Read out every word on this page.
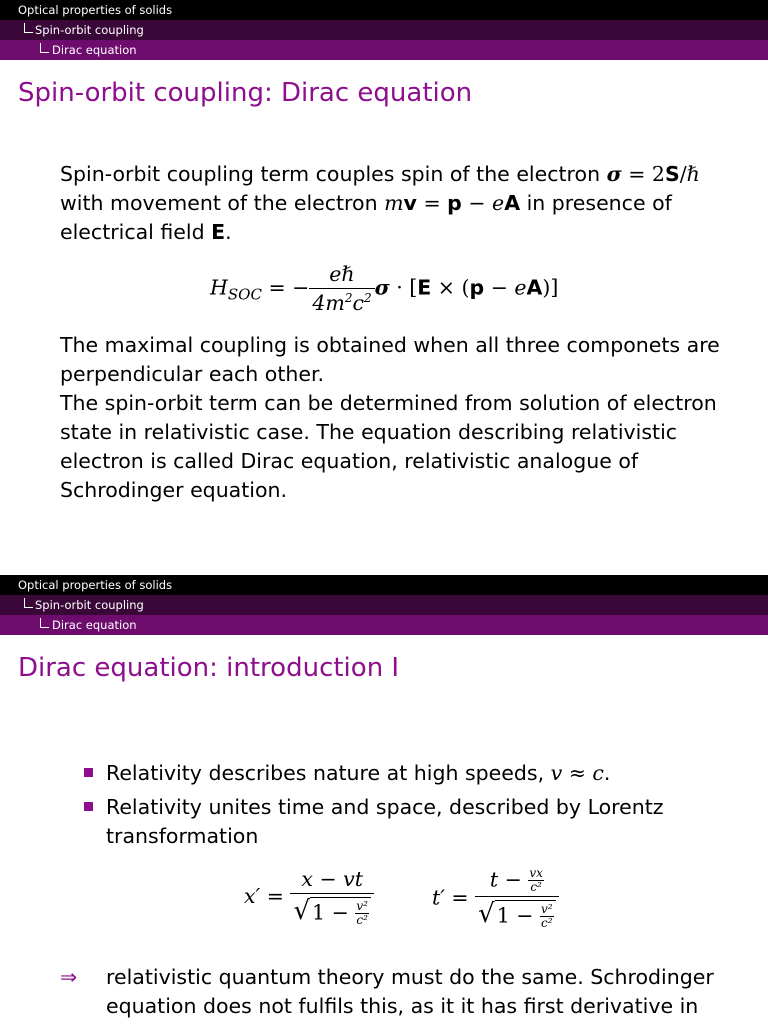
Optical properties of solids
Spin-orbit coupling
Dirac equation
Spin-orbit coupling: Dirac equation

Spin-orbit coupling term couples spin of the electron σ = 2S/ℏ

with movement of the electron mv = p − eA in presence of

electrical field E.

$H_{SOC}$ = − $\frac{\text{eℏ}}{4m^2c^2}$ σ · [E × (p − eA)]

The maximal coupling is obtained when all three componets are perpendicular each other.

The spin-orbit term can be determined from solution of electron state in relativistic case. The equation describing relativistic electron is called Dirac equation, relativistic analogue of Schrodinger equation.

Optical properties of solids
Spin-orbit coupling
Dirac equation
Dirac equation: introduction I
Relativity describes nature at high speeds, v ≈ c.
Relativity unites time and space, described by Lorentz transformation
$x' = \frac{x - vt}{√1 - \frac{\text{v²}}{\text{c²}}}$	$t' = \frac{t - \frac{vx}{\text{c²}}}{√1 - \frac{\text{v²}}{\text{c²}}}$
⇒	relativistic quantum theory must do the same. Schrodinger equation does not fulfils this, as it it has first derivative in
